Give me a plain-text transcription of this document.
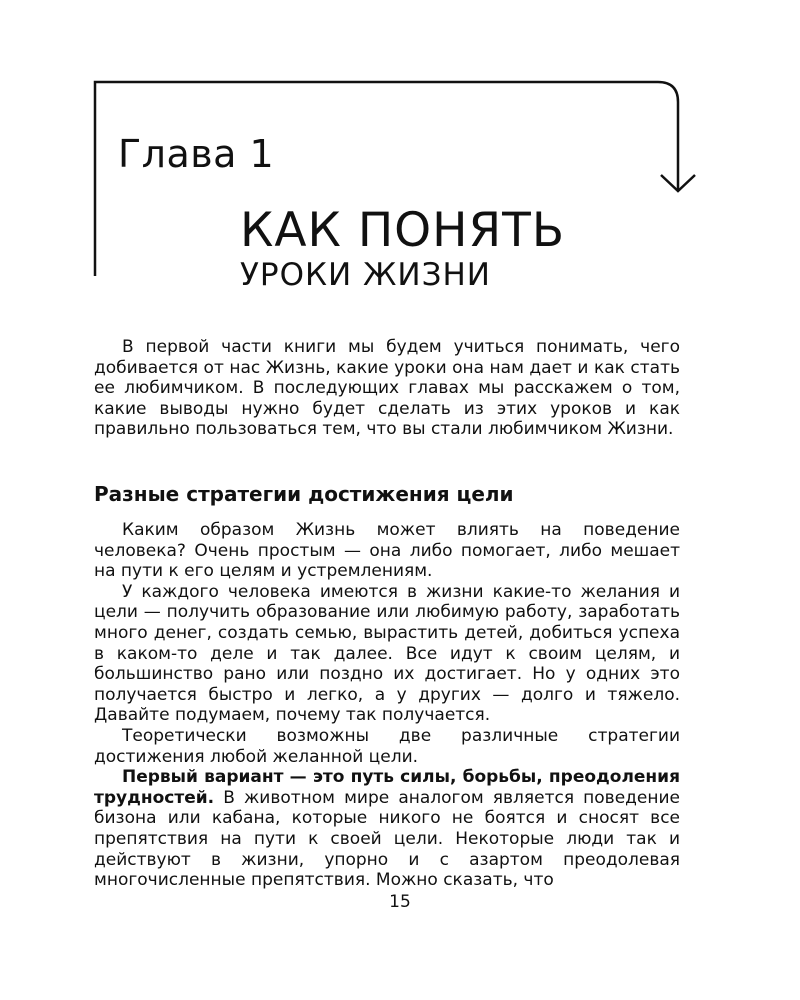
Глава 1
КАК ПОНЯТЬ
УРОКИ ЖИЗНИ

В первой части книги мы будем учиться понимать, чего добивается от нас Жизнь, какие уроки она нам дает и как стать ее любимчиком. В последующих главах мы расскажем о том, какие выводы нужно будет сделать из этих уроков и как правильно пользоваться тем, что вы стали любимчиком Жизни.

Разные стратегии достижения цели

Каким образом Жизнь может влиять на поведение человека? Очень простым — она либо помогает, либо мешает на пути к его целям и устремлениям.

У каждого человека имеются в жизни какие-то желания и цели — получить образование или любимую работу, заработать много денег, создать семью, вырастить детей, добиться успеха в каком-то деле и так далее. Все идут к своим целям, и большинство рано или поздно их достигает. Но у одних это получается быстро и легко, а у других — долго и тяжело. Давайте подумаем, почему так получается.

Теоретически возможны две различные стратегии достижения любой желанной цели.

Первый вариант — это путь силы, борьбы, преодоления трудностей. В животном мире аналогом является поведение бизона или кабана, которые никого не боятся и сносят все препятствия на пути к своей цели. Некоторые люди так и действуют в жизни, упорно и с азартом преодолевая многочисленные препятствия. Можно сказать, что

15
